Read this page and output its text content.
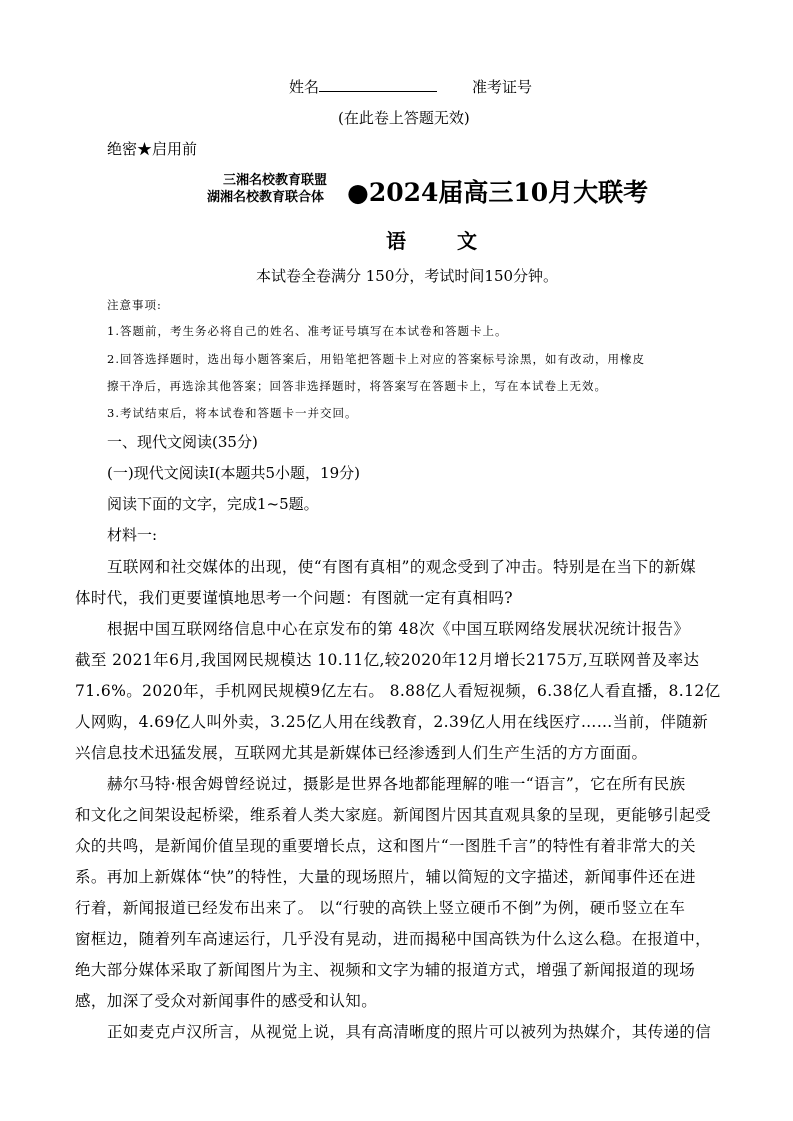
姓名	准考证号
(在此卷上答题无效)
绝密★启用前
三湘名校教育联盟
湖湘名校教育联合体 ●2024届高三10月大联考
语 文
本试卷全卷满分 150分，考试时间150分钟。
注意事项:
1.答题前，考生务必将自己的姓名、准考证号填写在本试卷和答题卡上。
2.回答选择题时，选出每小题答案后，用铅笔把答题卡上对应的答案标号涂黑，如有改动，用橡皮
擦干净后，再选涂其他答案；回答非选择题时，将答案写在答题卡上，写在本试卷上无效。
3.考试结束后，将本试卷和答题卡一并交回。
一、现代文阅读(35分)
(一)现代文阅读Ⅰ(本题共5小题，19分)
阅读下面的文字，完成1~5题。
材料一:
互联网和社交媒体的出现，使“有图有真相”的观念受到了冲击。特别是在当下的新媒
体时代，我们更要谨慎地思考一个问题：有图就一定有真相吗?
根据中国互联网络信息中心在京发布的第 48次《中国互联网络发展状况统计报告》
截至 2021年6月,我国网民规模达 10.11亿,较2020年12月增长2175万,互联网普及率达
71.6%。2020年，手机网民规模9亿左右。 8.88亿人看短视频，6.38亿人看直播，8.12亿
人网购，4.69亿人叫外卖，3.25亿人用在线教育，2.39亿人用在线医疗……当前，伴随新
兴信息技术迅猛发展，互联网尤其是新媒体已经渗透到人们生产生活的方方面面。
赫尔马特·根舍姆曾经说过，摄影是世界各地都能理解的唯一“语言”，它在所有民族
和文化之间架设起桥梁，维系着人类大家庭。新闻图片因其直观具象的呈现，更能够引起受
众的共鸣，是新闻价值呈现的重要增长点，这和图片“一图胜千言”的特性有着非常大的关
系。再加上新媒体“快”的特性，大量的现场照片，辅以简短的文字描述，新闻事件还在进
行着，新闻报道已经发布出来了。 以“行驶的高铁上竖立硬币不倒”为例，硬币竖立在车
窗框边，随着列车高速运行，几乎没有晃动，进而揭秘中国高铁为什么这么稳。在报道中，
绝大部分媒体采取了新闻图片为主、视频和文字为辅的报道方式，增强了新闻报道的现场
感，加深了受众对新闻事件的感受和认知。
正如麦克卢汉所言，从视觉上说，具有高清晰度的照片可以被列为热媒介，其传递的信
